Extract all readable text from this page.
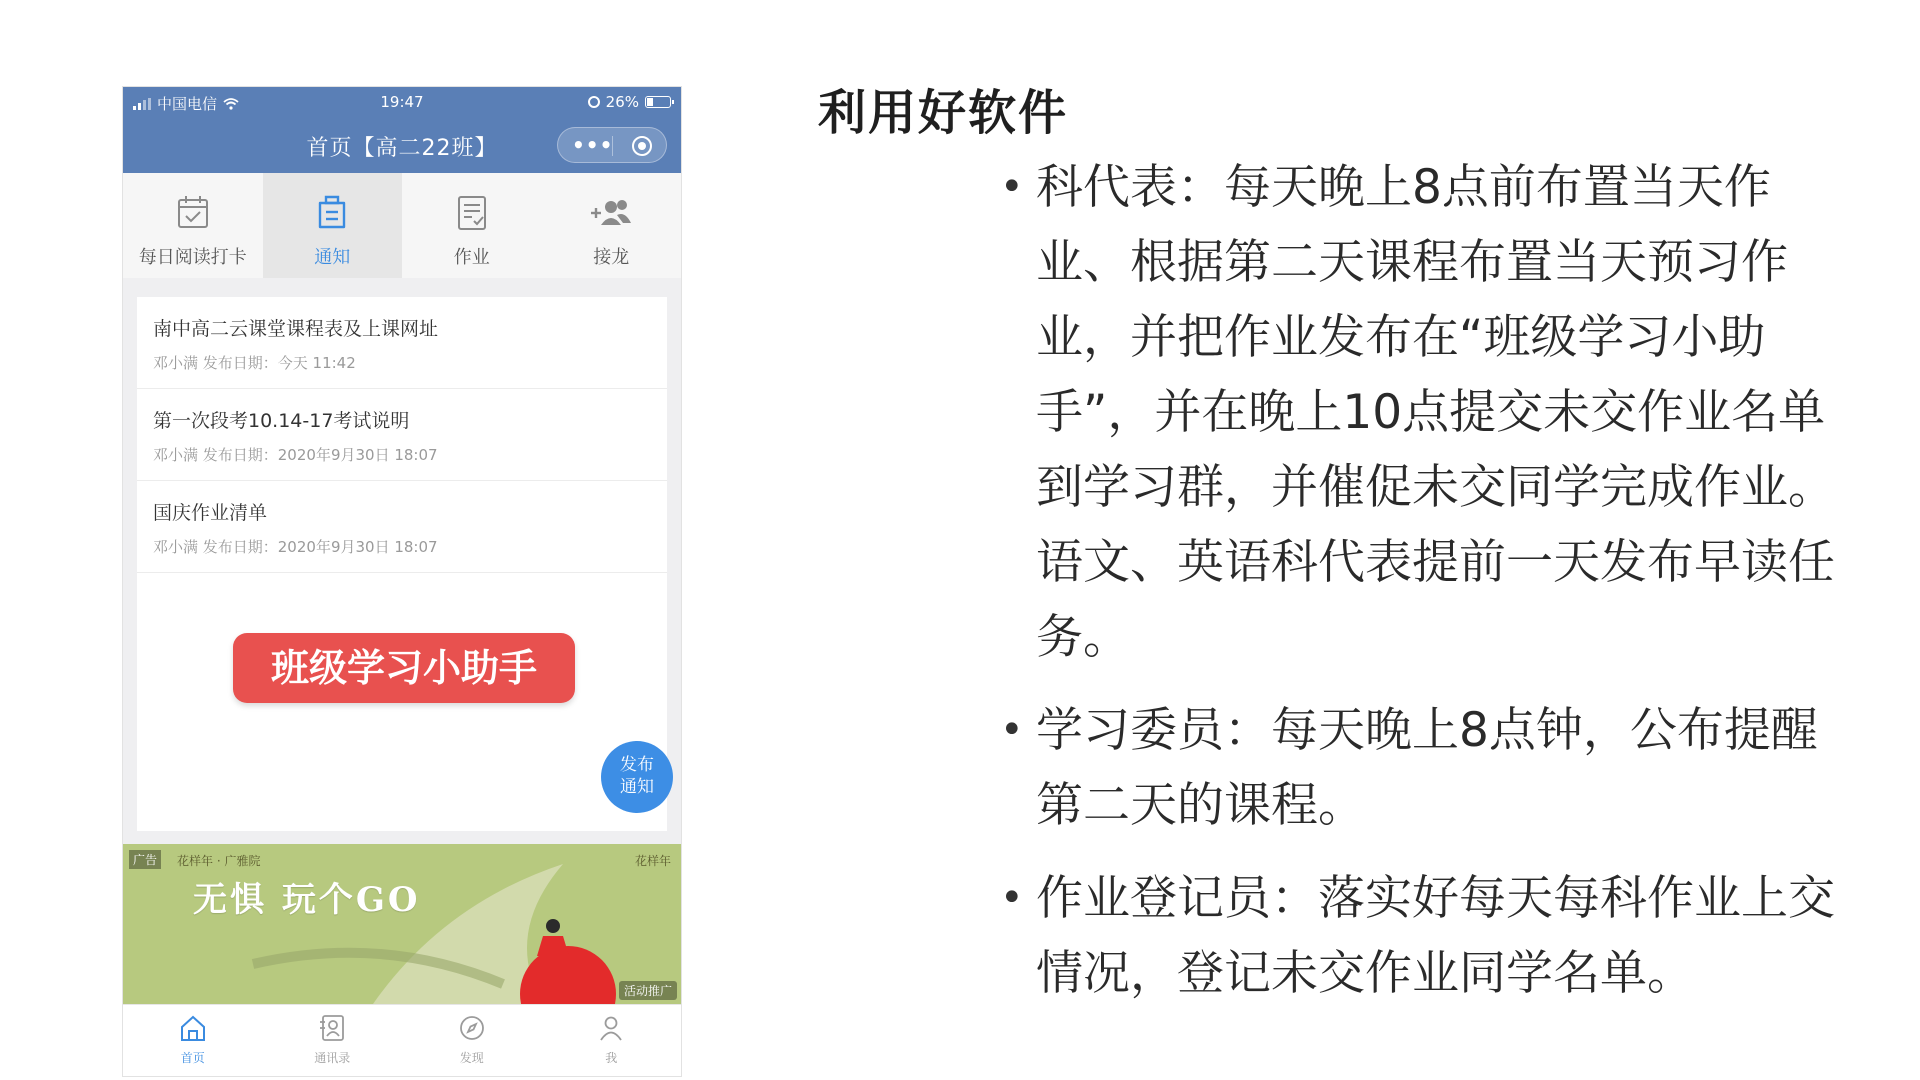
中国电信	19:47	26%
首页【高二22班】	•••
每日阅读打卡	通知	作业	接龙
南中高二云课堂课程表及上课网址
邓小满 发布日期：今天 11:42
第一次段考10.14-17考试说明
邓小满 发布日期：2020年9月30日 18:07
国庆作业清单
邓小满 发布日期：2020年9月30日 18:07
班级学习小助手
发布
通知
广告	花样年 · 广雅院	花样年
无惧 玩个GO
活动推广
首页	通讯录	发现	我
利用好软件
• 科代表：每天晚上8点前布置当天作业、根据第二天课程布置当天预习作业，并把作业发布在“班级学习小助手”，并在晚上10点提交未交作业名单到学习群，并催促未交同学完成作业。语文、英语科代表提前一天发布早读任务。
• 学习委员：每天晚上8点钟，公布提醒第二天的课程。
• 作业登记员：落实好每天每科作业上交情况，登记未交作业同学名单。
